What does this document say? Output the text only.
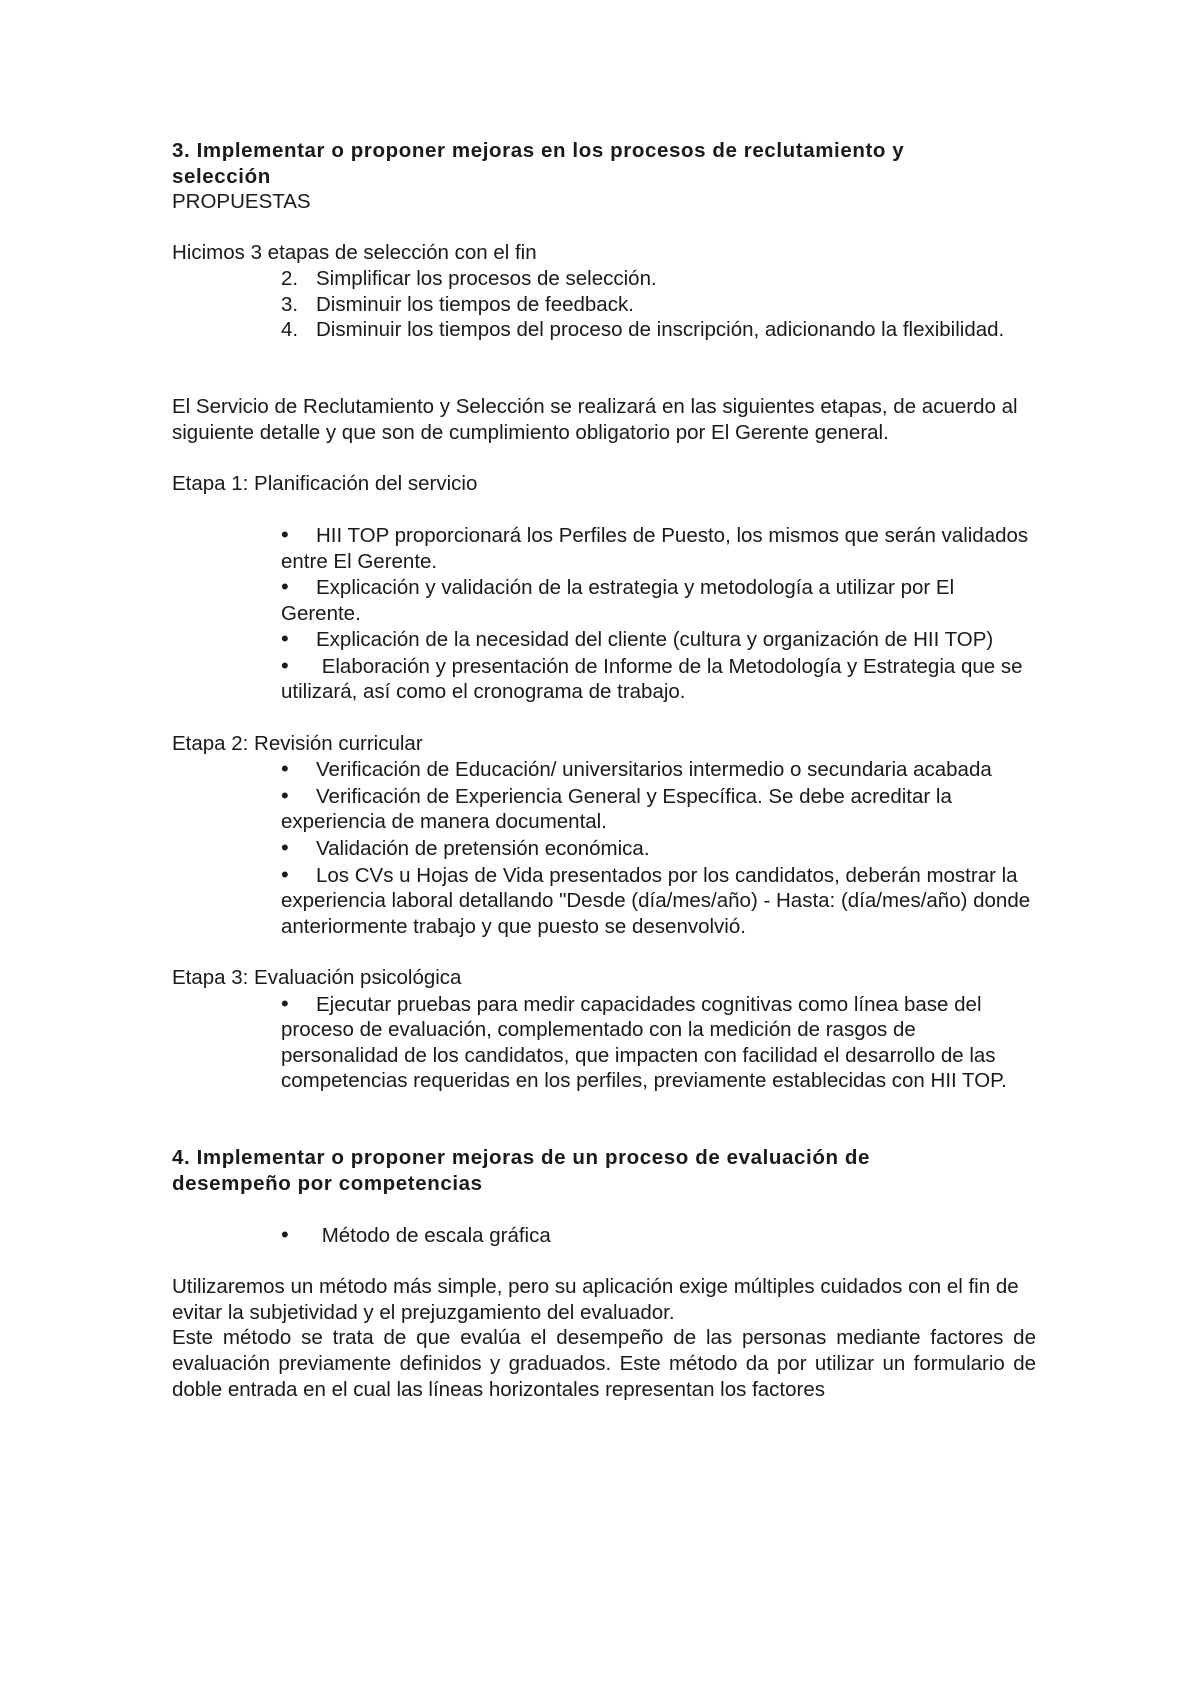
3. Implementar o proponer mejoras en los procesos de reclutamiento y selección

PROPUESTAS

Hicimos 3 etapas de selección con el fin

2. Simplificar los procesos de selección.

3. Disminuir los tiempos de feedback.

4. Disminuir los tiempos del proceso de inscripción, adicionando la flexibilidad.

El Servicio de Reclutamiento y Selección se realizará en las siguientes etapas, de acuerdo al siguiente detalle y que son de cumplimiento obligatorio por El Gerente general.

Etapa 1: Planificación del servicio

•HII TOP proporcionará los Perfiles de Puesto, los mismos que serán validados entre El Gerente.

•Explicación y validación de la estrategia y metodología a utilizar por El Gerente.

•Explicación de la necesidad del cliente (cultura y organización de HII TOP)

• Elaboración y presentación de Informe de la Metodología y Estrategia que se utilizará, así como el cronograma de trabajo.

Etapa 2: Revisión curricular

•Verificación de Educación/ universitarios intermedio o secundaria acabada

•Verificación de Experiencia General y Específica. Se debe acreditar la experiencia de manera documental.

•Validación de pretensión económica.

•Los CVs u Hojas de Vida presentados por los candidatos, deberán mostrar la experiencia laboral detallando "Desde (día/mes/año) - Hasta: (día/mes/año) donde anteriormente trabajo y que puesto se desenvolvió.

Etapa 3: Evaluación psicológica

•Ejecutar pruebas para medir capacidades cognitivas como línea base del proceso de evaluación, complementado con la medición de rasgos de personalidad de los candidatos, que impacten con facilidad el desarrollo de las competencias requeridas en los perfiles, previamente establecidas con HII TOP.

4. Implementar o proponer mejoras de un proceso de evaluación de desempeño por competencias

• Método de escala gráfica

Utilizaremos un método más simple, pero su aplicación exige múltiples cuidados con el fin de evitar la subjetividad y el prejuzgamiento del evaluador.

Este método se trata de que evalúa el desempeño de las personas mediante factores de evaluación previamente definidos y graduados. Este método da por utilizar un formulario de doble entrada en el cual las líneas horizontales representan los factores
